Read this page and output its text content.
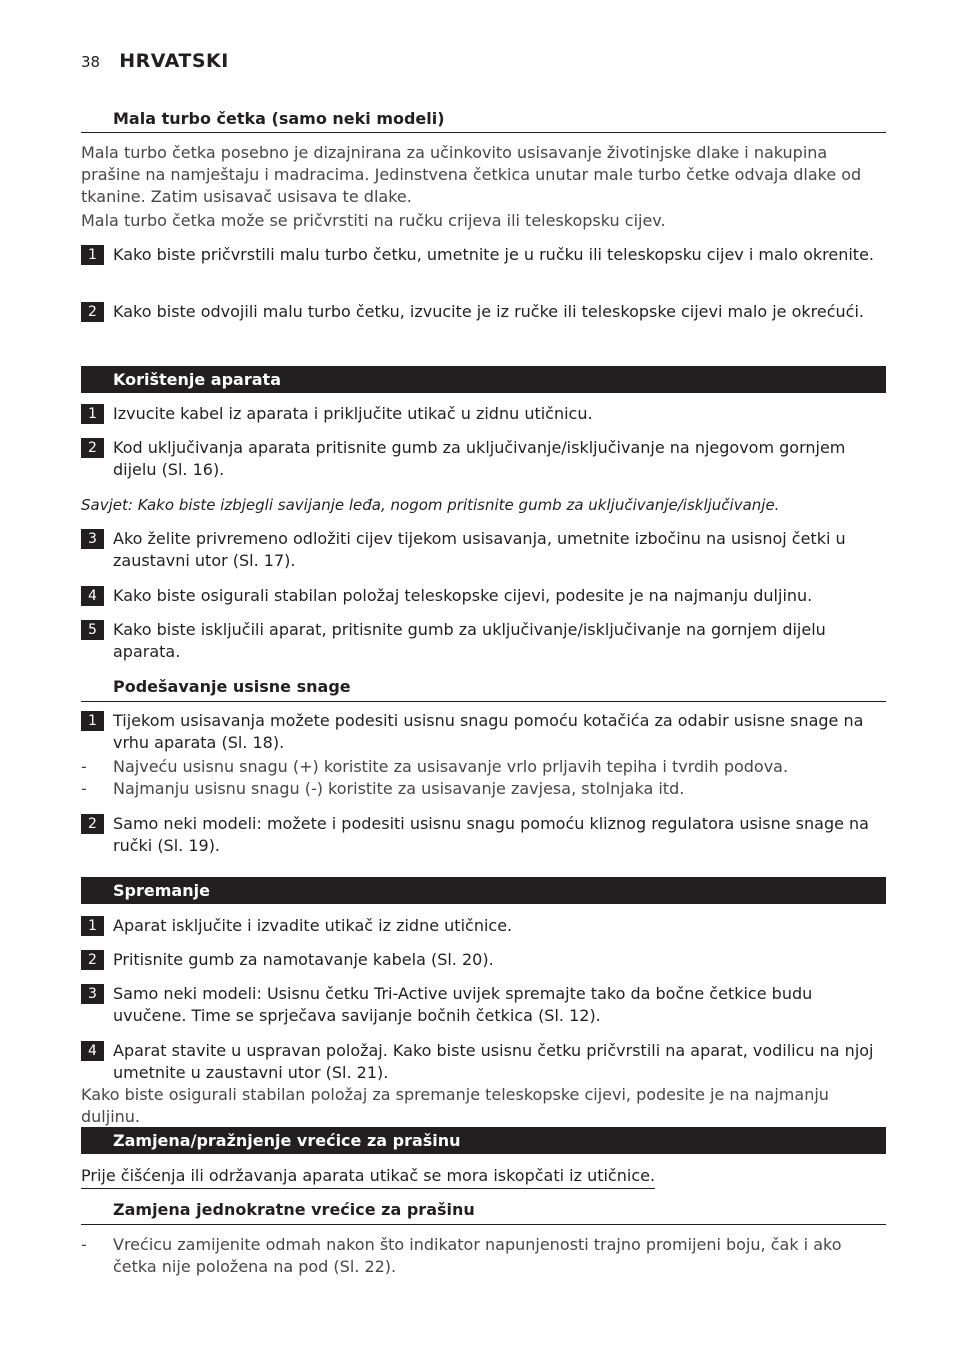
38 HRVATSKI
Mala turbo četka (samo neki modeli)
Mala turbo četka posebno je dizajnirana za učinkovito usisavanje životinjske dlake i nakupina prašine na namještaju i madracima. Jedinstvena četkica unutar male turbo četke odvaja dlake od tkanine. Zatim usisavač usisava te dlake.
Mala turbo četka može se pričvrstiti na ručku crijeva ili teleskopsku cijev.
1	Kako biste pričvrstili malu turbo četku, umetnite je u ručku ili teleskopsku cijev i malo okrenite.
2	Kako biste odvojili malu turbo četku, izvucite je iz ručke ili teleskopske cijevi malo je okrećući.
Korištenje aparata
1	Izvucite kabel iz aparata i priključite utikač u zidnu utičnicu.
2	Kod uključivanja aparata pritisnite gumb za uključivanje/isključivanje na njegovom gornjem dijelu (Sl. 16).
Savjet: Kako biste izbjegli savijanje leđa, nogom pritisnite gumb za uključivanje/isključivanje.
3	Ako želite privremeno odložiti cijev tijekom usisavanja, umetnite izbočinu na usisnoj četki u zaustavni utor (Sl. 17).
4	Kako biste osigurali stabilan položaj teleskopske cijevi, podesite je na najmanju duljinu.
5	Kako biste isključili aparat, pritisnite gumb za uključivanje/isključivanje na gornjem dijelu aparata.
Podešavanje usisne snage
1	Tijekom usisavanja možete podesiti usisnu snagu pomoću kotačića za odabir usisne snage na vrhu aparata (Sl. 18).
- Najveću usisnu snagu (+) koristite za usisavanje vrlo prljavih tepiha i tvrdih podova.
- Najmanju usisnu snagu (-) koristite za usisavanje zavjesa, stolnjaka itd.
2	Samo neki modeli: možete i podesiti usisnu snagu pomoću kliznog regulatora usisne snage na ručki (Sl. 19).
Spremanje
1	Aparat isključite i izvadite utikač iz zidne utičnice.
2	Pritisnite gumb za namotavanje kabela (Sl. 20).
3	Samo neki modeli: Usisnu četku Tri-Active uvijek spremajte tako da bočne četkice budu uvučene. Time se sprječava savijanje bočnih četkica (Sl. 12).
4	Aparat stavite u uspravan položaj. Kako biste usisnu četku pričvrstili na aparat, vodilicu na njoj umetnite u zaustavni utor (Sl. 21).
Kako biste osigurali stabilan položaj za spremanje teleskopske cijevi, podesite je na najmanju duljinu.
Zamjena/pražnjenje vrećice za prašinu
Prije čišćenja ili održavanja aparata utikač se mora iskopčati iz utičnice.
Zamjena jednokratne vrećice za prašinu
- Vrećicu zamijenite odmah nakon što indikator napunjenosti trajno promijeni boju, čak i ako četka nije položena na pod (Sl. 22).
